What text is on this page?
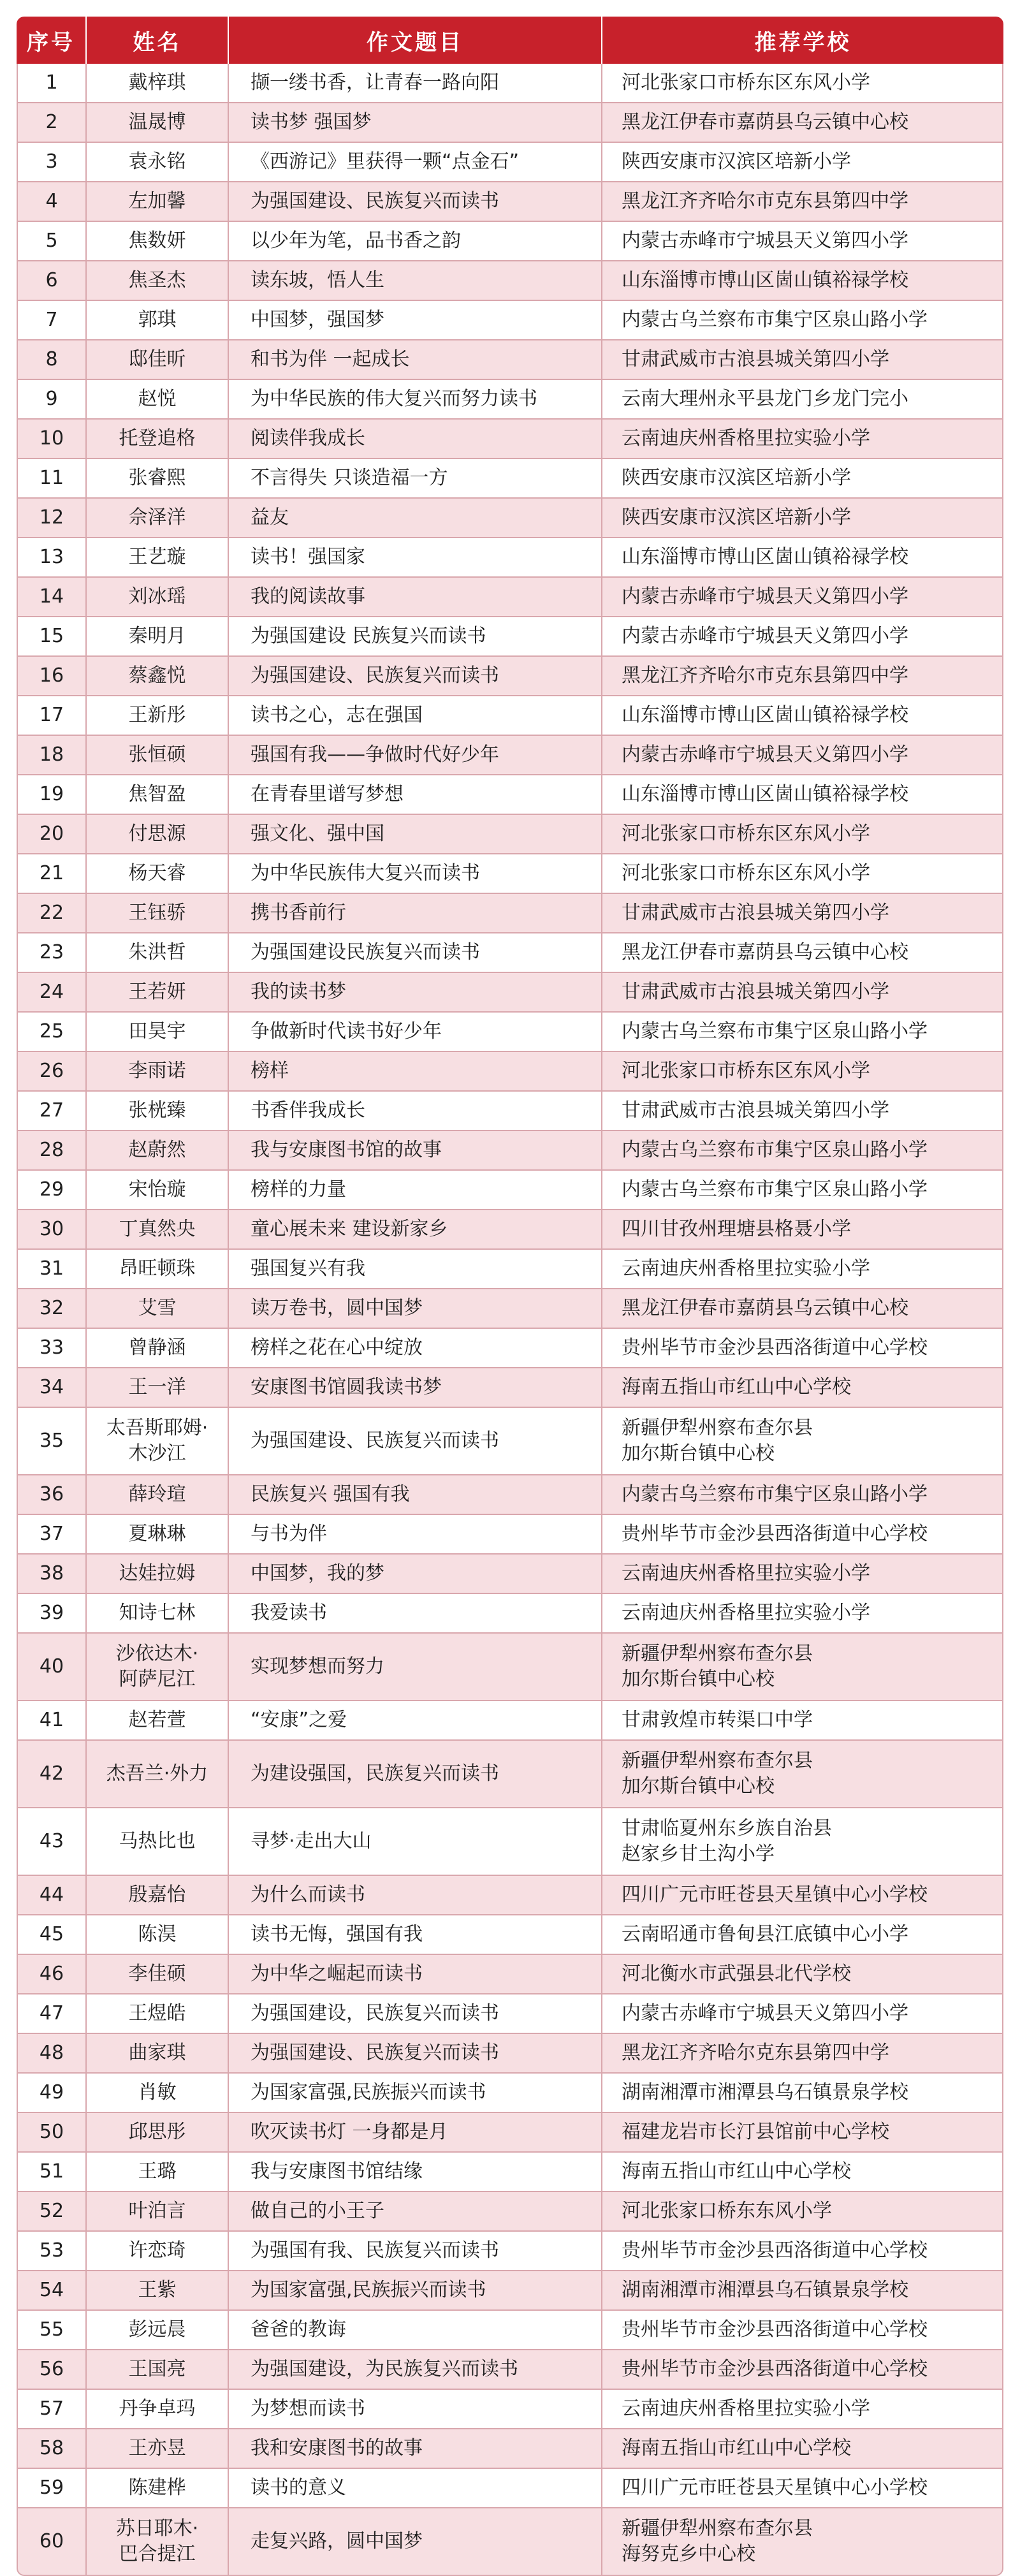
序号	姓名	作文题目	推荐学校
1	戴梓琪	撷一缕书香，让青春一路向阳	河北张家口市桥东区东风小学
2	温晟博	读书梦 强国梦	黑龙江伊春市嘉荫县乌云镇中心校
3	袁永铭	《西游记》里获得一颗“点金石”	陕西安康市汉滨区培新小学
4	左加馨	为强国建设、民族复兴而读书	黑龙江齐齐哈尔市克东县第四中学
5	焦数妍	以少年为笔，品书香之韵	内蒙古赤峰市宁城县天义第四小学
6	焦圣杰	读东坡，悟人生	山东淄博市博山区崮山镇裕禄学校
7	郭琪	中国梦，强国梦	内蒙古乌兰察布市集宁区泉山路小学
8	邸佳昕	和书为伴 一起成长	甘肃武威市古浪县城关第四小学
9	赵悦	为中华民族的伟大复兴而努力读书	云南大理州永平县龙门乡龙门完小
10	托登追格	阅读伴我成长	云南迪庆州香格里拉实验小学
11	张睿熙	不言得失 只谈造福一方	陕西安康市汉滨区培新小学
12	佘泽洋	益友	陕西安康市汉滨区培新小学
13	王艺璇	读书！强国家	山东淄博市博山区崮山镇裕禄学校
14	刘冰瑶	我的阅读故事	内蒙古赤峰市宁城县天义第四小学
15	秦明月	为强国建设 民族复兴而读书	内蒙古赤峰市宁城县天义第四小学
16	蔡鑫悦	为强国建设、民族复兴而读书	黑龙江齐齐哈尔市克东县第四中学
17	王新彤	读书之心，志在强国	山东淄博市博山区崮山镇裕禄学校
18	张恒硕	强国有我——争做时代好少年	内蒙古赤峰市宁城县天义第四小学
19	焦智盈	在青春里谱写梦想	山东淄博市博山区崮山镇裕禄学校
20	付思源	强文化、强中国	河北张家口市桥东区东风小学
21	杨天睿	为中华民族伟大复兴而读书	河北张家口市桥东区东风小学
22	王钰骄	携书香前行	甘肃武威市古浪县城关第四小学
23	朱洪哲	为强国建设民族复兴而读书	黑龙江伊春市嘉荫县乌云镇中心校
24	王若妍	我的读书梦	甘肃武威市古浪县城关第四小学
25	田昊宇	争做新时代读书好少年	内蒙古乌兰察布市集宁区泉山路小学
26	李雨诺	榜样	河北张家口市桥东区东风小学
27	张桄臻	书香伴我成长	甘肃武威市古浪县城关第四小学
28	赵蔚然	我与安康图书馆的故事	内蒙古乌兰察布市集宁区泉山路小学
29	宋怡璇	榜样的力量	内蒙古乌兰察布市集宁区泉山路小学
30	丁真然央	童心展未来 建设新家乡	四川甘孜州理塘县格聂小学
31	昂旺顿珠	强国复兴有我	云南迪庆州香格里拉实验小学
32	艾雪	读万卷书，圆中国梦	黑龙江伊春市嘉荫县乌云镇中心校
33	曾静涵	榜样之花在心中绽放	贵州毕节市金沙县西洛街道中心学校
34	王一洋	安康图书馆圆我读书梦	海南五指山市红山中心学校
35	太吾斯耶姆·
木沙江	为强国建设、民族复兴而读书	新疆伊犁州察布查尔县
加尔斯台镇中心校
36	薛玲瑄	民族复兴 强国有我	内蒙古乌兰察布市集宁区泉山路小学
37	夏琳琳	与书为伴	贵州毕节市金沙县西洛街道中心学校
38	达娃拉姆	中国梦，我的梦	云南迪庆州香格里拉实验小学
39	知诗七林	我爱读书	云南迪庆州香格里拉实验小学
40	沙依达木·
阿萨尼江	实现梦想而努力	新疆伊犁州察布查尔县
加尔斯台镇中心校
41	赵若萱	“安康”之爱	甘肃敦煌市转渠口中学
42	杰吾兰·外力	为建设强国，民族复兴而读书	新疆伊犁州察布查尔县
加尔斯台镇中心校
43	马热比也	寻梦·走出大山	甘肃临夏州东乡族自治县
赵家乡甘土沟小学
44	殷嘉怡	为什么而读书	四川广元市旺苍县天星镇中心小学校
45	陈淏	读书无悔，强国有我	云南昭通市鲁甸县江底镇中心小学
46	李佳硕	为中华之崛起而读书	河北衡水市武强县北代学校
47	王煜皓	为强国建设，民族复兴而读书	内蒙古赤峰市宁城县天义第四小学
48	曲家琪	为强国建设、民族复兴而读书	黑龙江齐齐哈尔克东县第四中学
49	肖敏	为国家富强,民族振兴而读书	湖南湘潭市湘潭县乌石镇景泉学校
50	邱思彤	吹灭读书灯 一身都是月	福建龙岩市长汀县馆前中心学校
51	王璐	我与安康图书馆结缘	海南五指山市红山中心学校
52	叶泊言	做自己的小王子	河北张家口桥东东风小学
53	许恋琦	为强国有我、民族复兴而读书	贵州毕节市金沙县西洛街道中心学校
54	王紫	为国家富强,民族振兴而读书	湖南湘潭市湘潭县乌石镇景泉学校
55	彭远晨	爸爸的教诲	贵州毕节市金沙县西洛街道中心学校
56	王国亮	为强国建设，为民族复兴而读书	贵州毕节市金沙县西洛街道中心学校
57	丹争卓玛	为梦想而读书	云南迪庆州香格里拉实验小学
58	王亦昱	我和安康图书的故事	海南五指山市红山中心学校
59	陈建桦	读书的意义	四川广元市旺苍县天星镇中心小学校
60	苏日耶木·
巴合提江	走复兴路，圆中国梦	新疆伊犁州察布查尔县
海努克乡中心校
